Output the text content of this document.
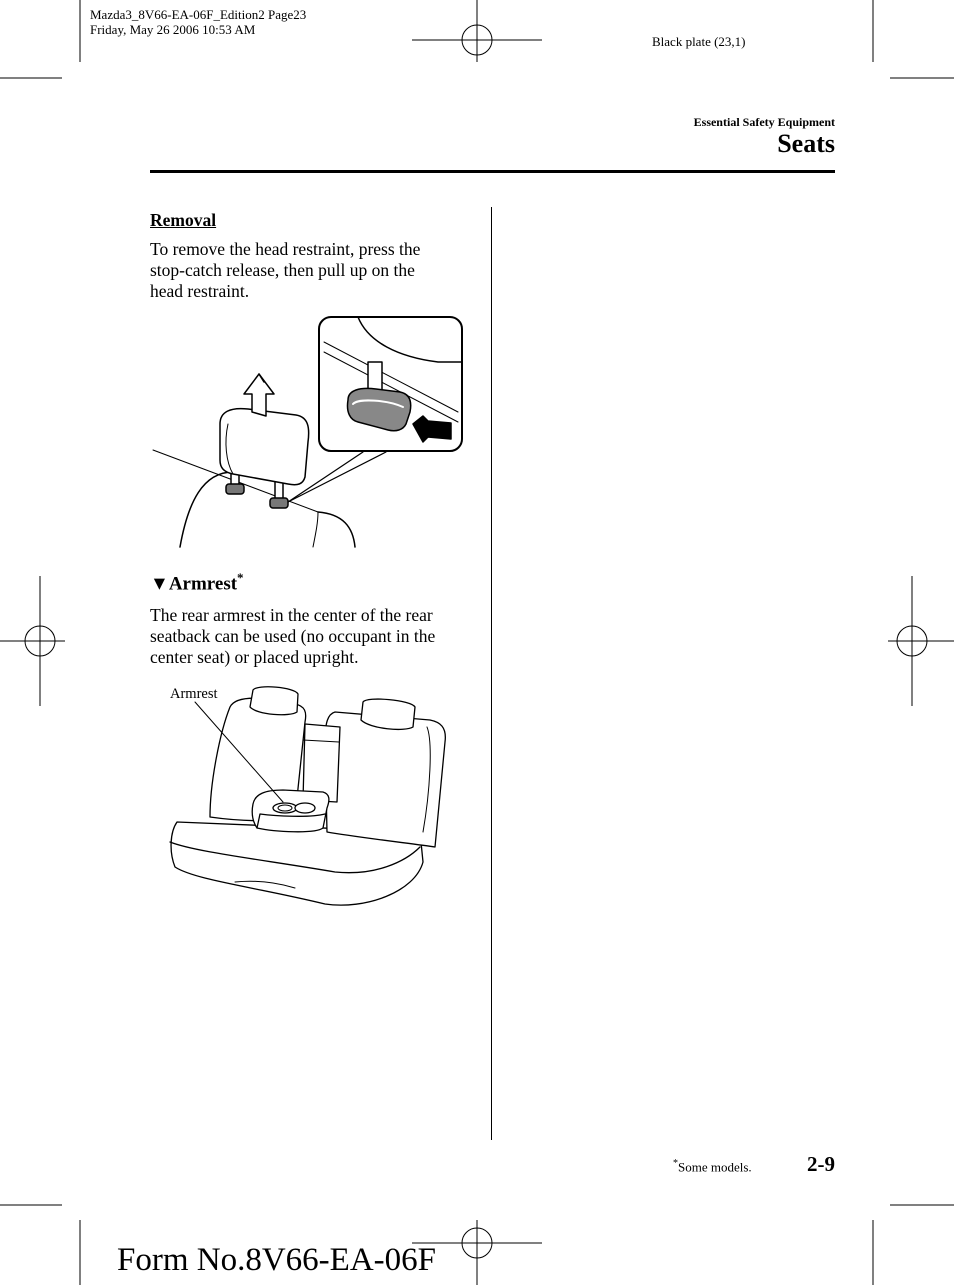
Mazda3_8V66-EA-06F_Edition2 Page23
Friday, May 26 2006 10:53 AM
Black plate (23,1)
Essential Safety Equipment
Seats
Removal
To remove the head restraint, press the
stop-catch release, then pull up on the
head restraint.
▼Armrest*
The rear armrest in the center of the rear
seatback can be used (no occupant in the
center seat) or placed upright.
Armrest
*Some models.	2-9
Form No.8V66-EA-06F
